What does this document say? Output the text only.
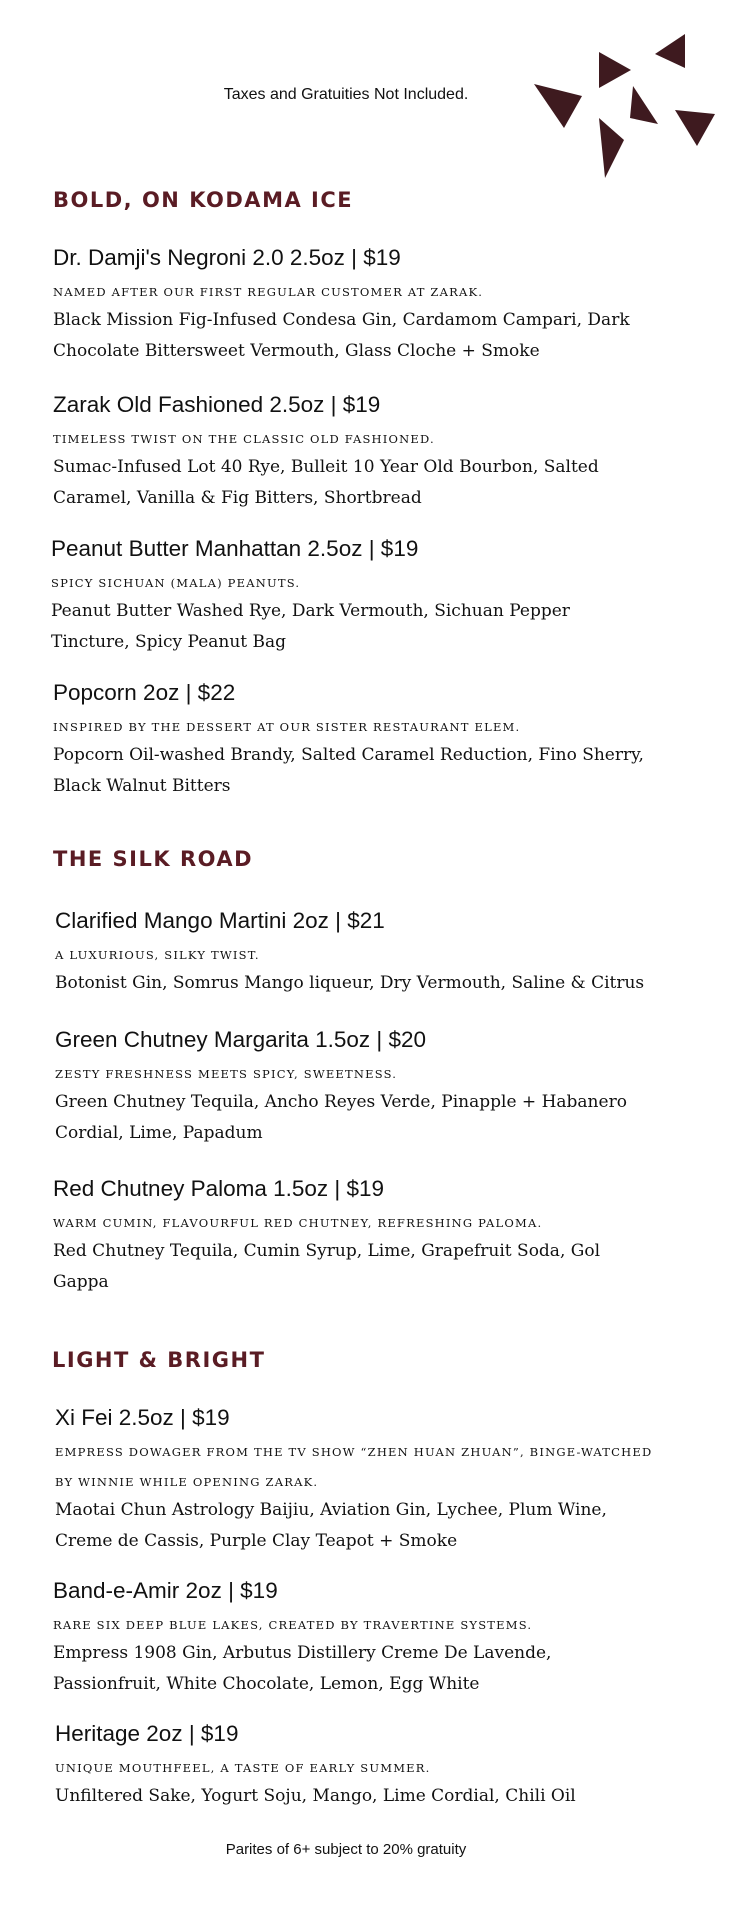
Taxes and Gratuities Not Included.
BOLD, ON KODAMA ICE
Dr. Damji's Negroni 2.0 2.5oz | $19
NAMED AFTER OUR FIRST REGULAR CUSTOMER AT ZARAK.
Black Mission Fig-Infused Condesa Gin, Cardamom Campari, Dark Chocolate Bittersweet Vermouth, Glass Cloche + Smoke
Zarak Old Fashioned 2.5oz | $19
TIMELESS TWIST ON THE CLASSIC OLD FASHIONED.
Sumac-Infused Lot 40 Rye, Bulleit 10 Year Old Bourbon, Salted Caramel, Vanilla & Fig Bitters, Shortbread
Peanut Butter Manhattan 2.5oz | $19
SPICY SICHUAN (MALA) PEANUTS.
Peanut Butter Washed Rye, Dark Vermouth, Sichuan Pepper Tincture, Spicy Peanut Bag
Popcorn 2oz | $22
INSPIRED BY THE DESSERT AT OUR SISTER RESTAURANT ELEM.
Popcorn Oil-washed Brandy, Salted Caramel Reduction, Fino Sherry, Black Walnut Bitters
THE SILK ROAD
Clarified Mango Martini 2oz | $21
A LUXURIOUS, SILKY TWIST.
Botonist Gin, Somrus Mango liqueur, Dry Vermouth, Saline & Citrus
Green Chutney Margarita 1.5oz | $20
ZESTY FRESHNESS MEETS SPICY, SWEETNESS.
Green Chutney Tequila, Ancho Reyes Verde, Pinapple + Habanero Cordial, Lime, Papadum
Red Chutney Paloma 1.5oz | $19
WARM CUMIN, FLAVOURFUL RED CHUTNEY, REFRESHING PALOMA.
Red Chutney Tequila, Cumin Syrup, Lime, Grapefruit Soda, Gol Gappa
LIGHT & BRIGHT
Xi Fei 2.5oz | $19
EMPRESS DOWAGER FROM THE TV SHOW “ZHEN HUAN ZHUAN”, BINGE-WATCHED BY WINNIE WHILE OPENING ZARAK.
Maotai Chun Astrology Baijiu, Aviation Gin, Lychee, Plum Wine, Creme de Cassis, Purple Clay Teapot + Smoke
Band-e-Amir 2oz | $19
RARE SIX DEEP BLUE LAKES, CREATED BY TRAVERTINE SYSTEMS.
Empress 1908 Gin, Arbutus Distillery Creme De Lavende, Passionfruit, White Chocolate, Lemon, Egg White
Heritage 2oz | $19
UNIQUE MOUTHFEEL, A TASTE OF EARLY SUMMER.
Unfiltered Sake, Yogurt Soju, Mango, Lime Cordial, Chili Oil
Parites of 6+ subject to 20% gratuity
